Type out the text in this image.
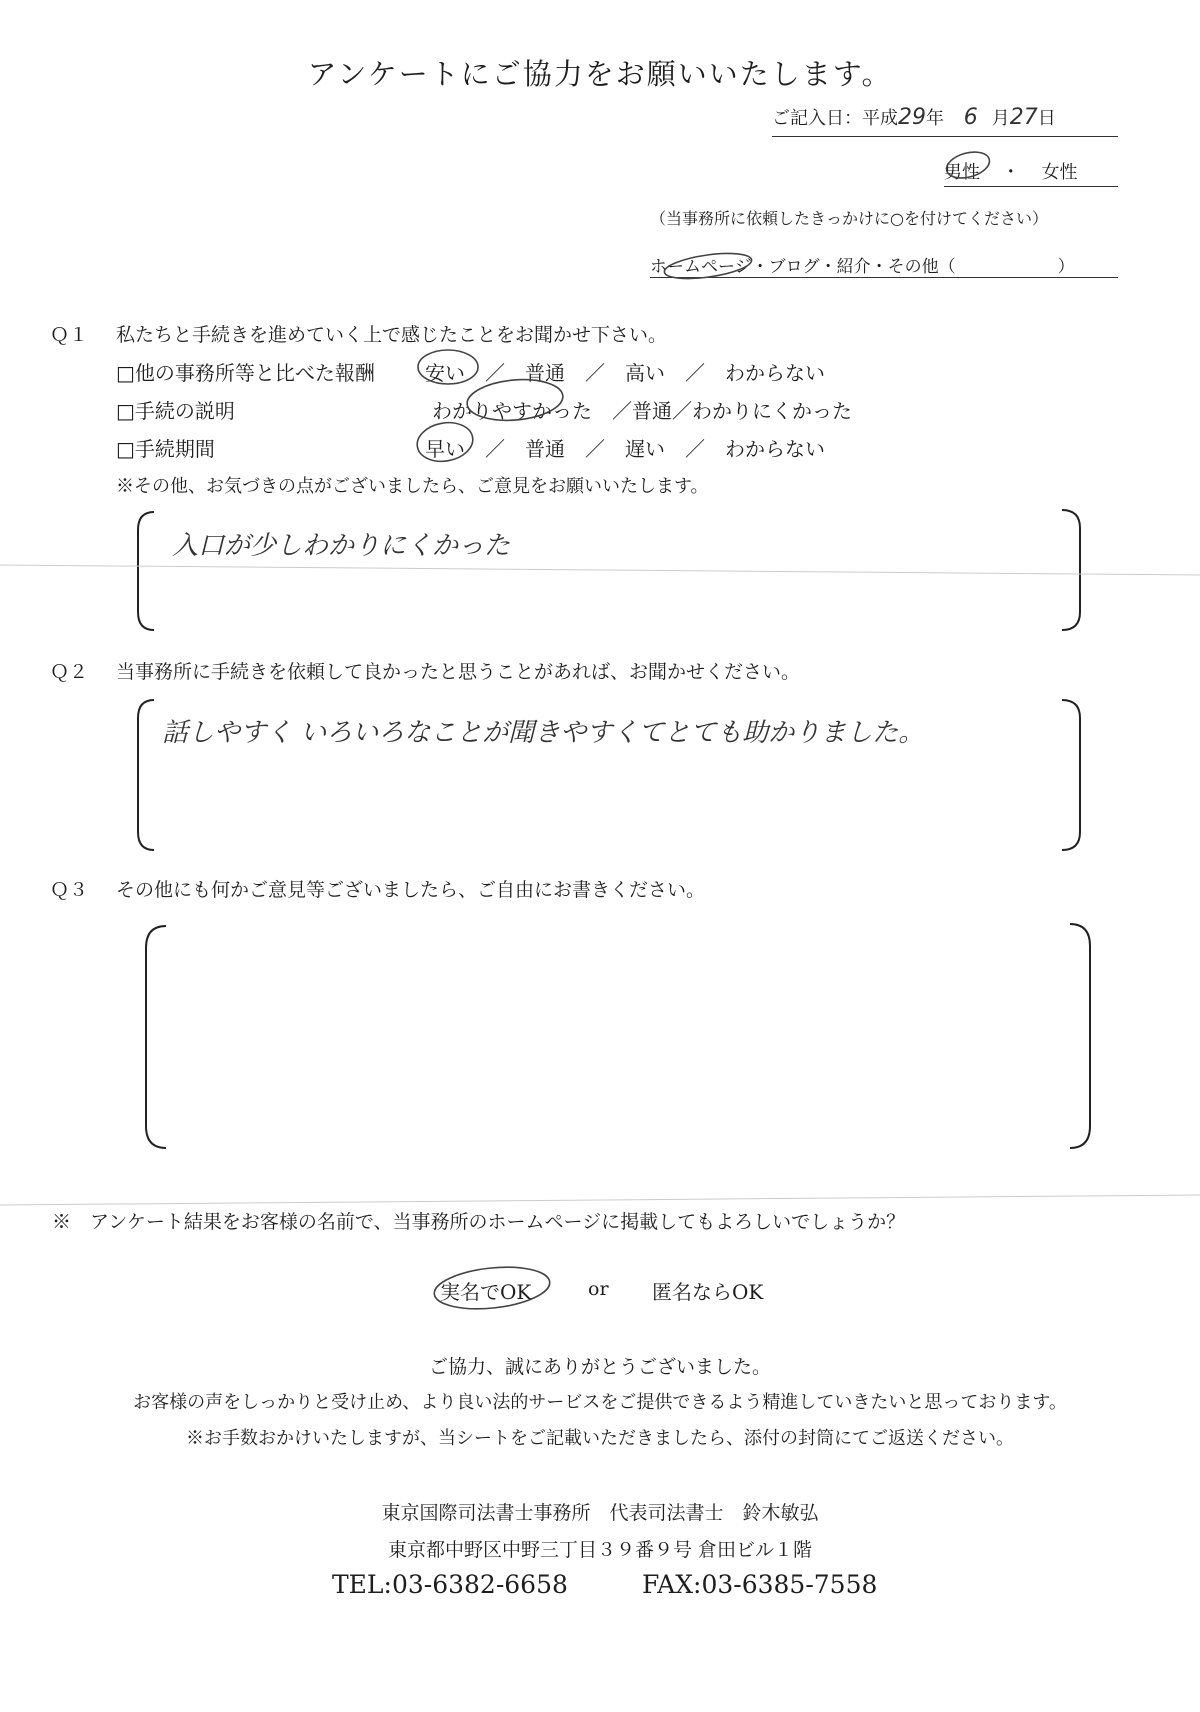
アンケートにご協力をお願いいたします。
ご記入日：平成29年 6 月27日
男性 ・ 女性
（当事務所に依頼したきっかけに○を付けてください）
ホームページ・ブログ・紹介・その他（　　　　　　）
Ｑ１ 私たちと手続きを進めていく上で感じたことをお聞かせ下さい。
□他の事務所等と比べた報酬	安い　／　普通　／　高い　／　わからない
□手続の説明	わかりやすかった　／普通／わかりにくかった
□手続期間	早い　／　普通　／　遅い　／　わからない
※その他、お気づきの点がございましたら、ご意見をお願いいたします。
入口が少しわかりにくかった
Ｑ２ 当事務所に手続きを依頼して良かったと思うことがあれば、お聞かせください。
話しやすく いろいろなことが聞きやすくてとても助かりました。
Ｑ３ その他にも何かご意見等ございましたら、ご自由にお書きください。
※　アンケート結果をお客様の名前で、当事務所のホームページに掲載してもよろしいでしょうか？
実名でOK	or 匿名ならOK
ご協力、誠にありがとうございました。
お客様の声をしっかりと受け止め、より良い法的サービスをご提供できるよう精進していきたいと思っております。
※お手数おかけいたしますが、当シートをご記載いただきましたら、添付の封筒にてご返送ください。
東京国際司法書士事務所　代表司法書士　鈴木敏弘
東京都中野区中野三丁目３９番９号 倉田ビル１階
TEL:03-6382-6658	FAX:03-6385-7558
